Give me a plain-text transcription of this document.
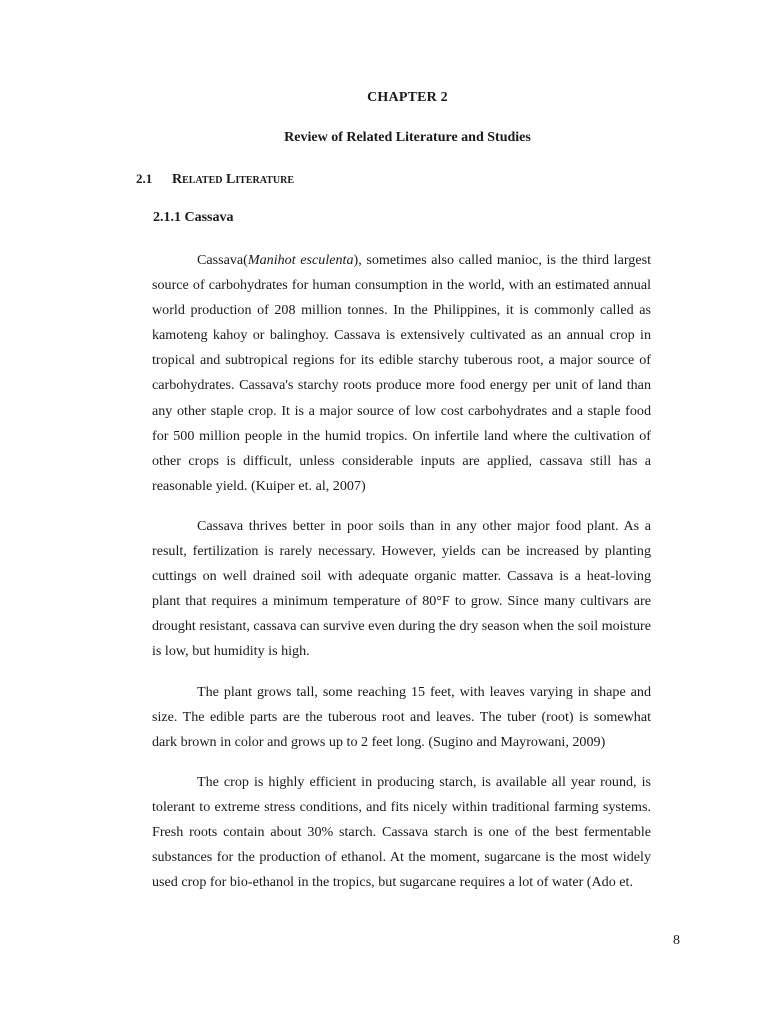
CHAPTER 2
Review of Related Literature and Studies
2.1 Related Literature
2.1.1 Cassava

Cassava(Manihot esculenta), sometimes also called manioc, is the third largest source of carbohydrates for human consumption in the world, with an estimated annual world production of 208 million tonnes. In the Philippines, it is commonly called as kamoteng kahoy or balinghoy. Cassava is extensively cultivated as an annual crop in tropical and subtropical regions for its edible starchy tuberous root, a major source of carbohydrates. Cassava's starchy roots produce more food energy per unit of land than any other staple crop. It is a major source of low cost carbohydrates and a staple food for 500 million people in the humid tropics. On infertile land where the cultivation of other crops is difficult, unless considerable inputs are applied, cassava still has a reasonable yield. (Kuiper et. al, 2007)

Cassava thrives better in poor soils than in any other major food plant. As a result, fertilization is rarely necessary. However, yields can be increased by planting cuttings on well drained soil with adequate organic matter. Cassava is a heat-loving plant that requires a minimum temperature of 80°F to grow. Since many cultivars are drought resistant, cassava can survive even during the dry season when the soil moisture is low, but humidity is high.

The plant grows tall, some reaching 15 feet, with leaves varying in shape and size. The edible parts are the tuberous root and leaves. The tuber (root) is somewhat dark brown in color and grows up to 2 feet long. (Sugino and Mayrowani, 2009)

The crop is highly efficient in producing starch, is available all year round, is tolerant to extreme stress conditions, and fits nicely within traditional farming systems. Fresh roots contain about 30% starch. Cassava starch is one of the best fermentable substances for the production of ethanol. At the moment, sugarcane is the most widely used crop for bio-ethanol in the tropics, but sugarcane requires a lot of water (Ado et.

8
